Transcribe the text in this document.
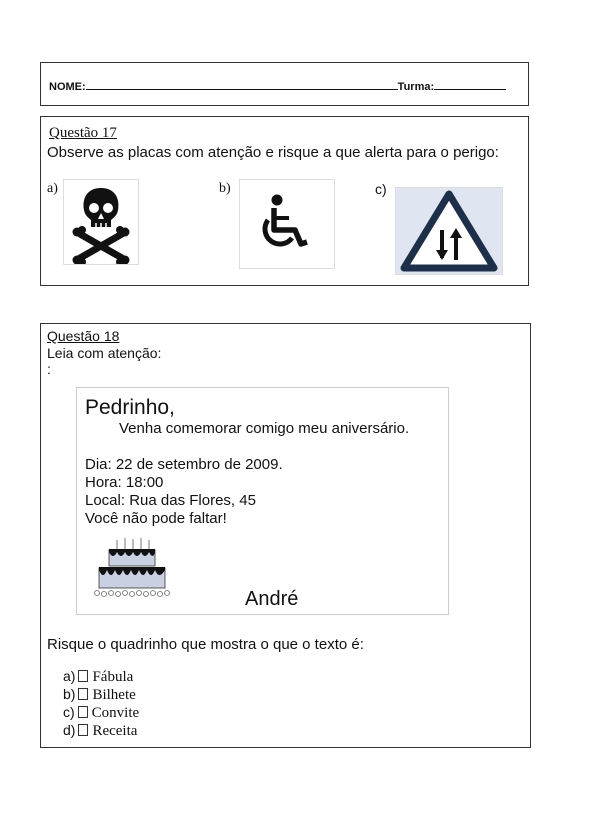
NOME:	Turma:
Questão 17
Observe as placas com atenção e risque a que alerta para o perigo:
a)	b)	c)
Questão 18
Leia com atenção:
:
Pedrinho,
Venha comemorar comigo meu aniversário.
Dia: 22 de setembro de 2009.
Hora: 18:00
Local: Rua das Flores, 45
Você não pode faltar!
André
Risque o quadrinho que mostra o que o texto é:
a) Fábula
b) Bilhete
c) Convite
d) Receita
